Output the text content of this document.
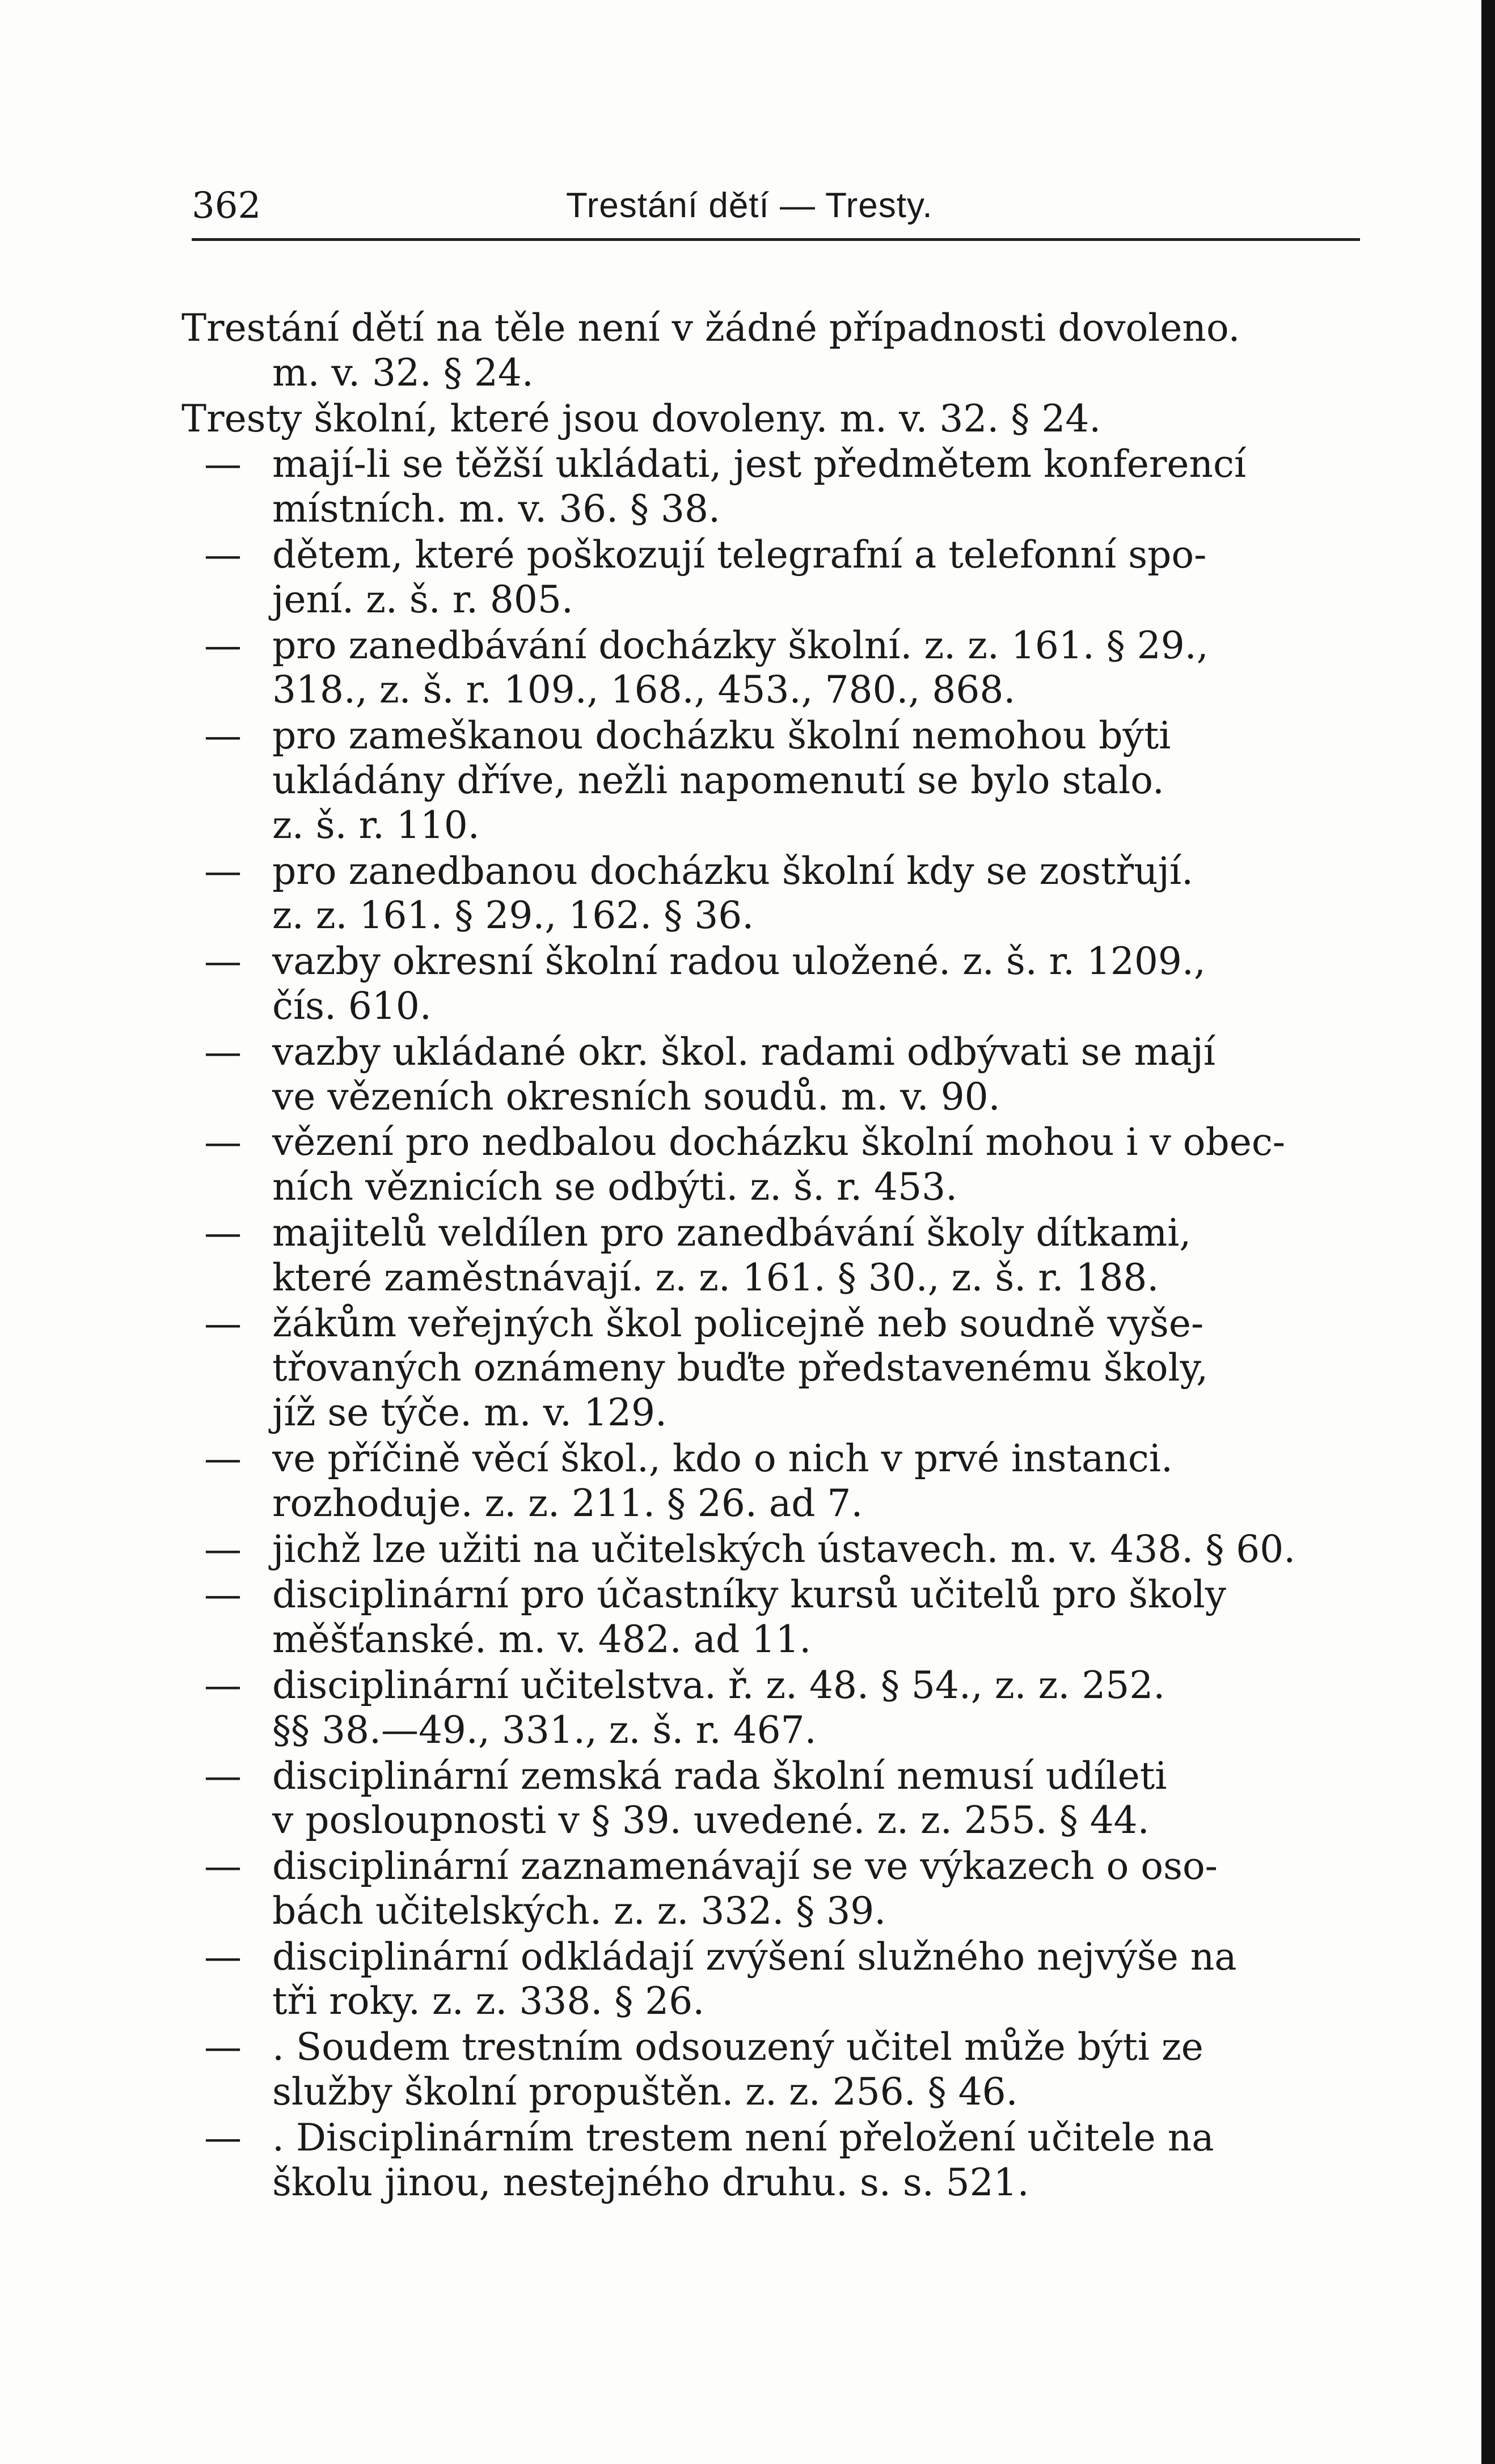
362	Trestání dětí — Tresty.

Trestání dětí na těle není v žádné případnosti dovoleno.

m. v. 32. § 24.

Tresty školní, které jsou dovoleny. m. v. 32. § 24.

— mají-li se těžší ukládati, jest předmětem konferencí

místních. m. v. 36. § 38.

— dětem, které poškozují telegrafní a telefonní spo-

jení. z. š. r. 805.

— pro zanedbávání docházky školní. z. z. 161. § 29.,

318., z. š. r. 109., 168., 453., 780., 868.

— pro zameškanou docházku školní nemohou býti

ukládány dříve, nežli napomenutí se bylo stalo.

z. š. r. 110.

— pro zanedbanou docházku školní kdy se zostřují.

z. z. 161. § 29., 162. § 36.

— vazby okresní školní radou uložené. z. š. r. 1209.,

čís. 610.

— vazby ukládané okr. škol. radami odbývati se mají

ve vězeních okresních soudů. m. v. 90.

— vězení pro nedbalou docházku školní mohou i v obec-

ních věznicích se odbýti. z. š. r. 453.

— majitelů veldílen pro zanedbávání školy dítkami,

které zaměstnávají. z. z. 161. § 30., z. š. r. 188.

— žákům veřejných škol policejně neb soudně vyše-

třovaných oznámeny buďte představenému školy,

jíž se týče. m. v. 129.

— ve příčině věcí škol., kdo o nich v prvé instanci.

rozhoduje. z. z. 211. § 26. ad 7.

— jichž lze užiti na učitelských ústavech. m. v. 438. § 60.

— disciplinární pro účastníky kursů učitelů pro školy

měšťanské. m. v. 482. ad 11.

— disciplinární učitelstva. ř. z. 48. § 54., z. z. 252.

§§ 38.—49., 331., z. š. r. 467.

— disciplinární zemská rada školní nemusí udíleti

v posloupnosti v § 39. uvedené. z. z. 255. § 44.

— disciplinární zaznamenávají se ve výkazech o oso-

bách učitelských. z. z. 332. § 39.

— disciplinární odkládají zvýšení služného nejvýše na

tři roky. z. z. 338. § 26.

— . Soudem trestním odsouzený učitel může býti ze

služby školní propuštěn. z. z. 256. § 46.

— . Disciplinárním trestem není přeložení učitele na

školu jinou, nestejného druhu. s. s. 521.
